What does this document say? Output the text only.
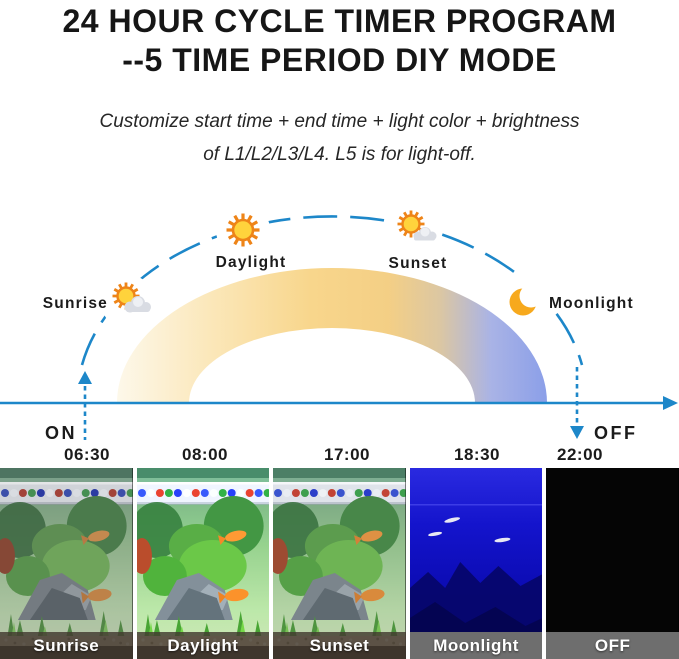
24 HOUR CYCLE TIMER PROGRAM
--5 TIME PERIOD DIY MODE
Customize start time + end time + light color + brightness
of L1/L2/L3/L4. L5 is for light-off.
Sunrise
Daylight	Sunset
Moonlight
ON	OFF
06:30	08:00	17:00	18:30	22:00
Sunrise	Daylight	Sunset	Moonlight	OFF
